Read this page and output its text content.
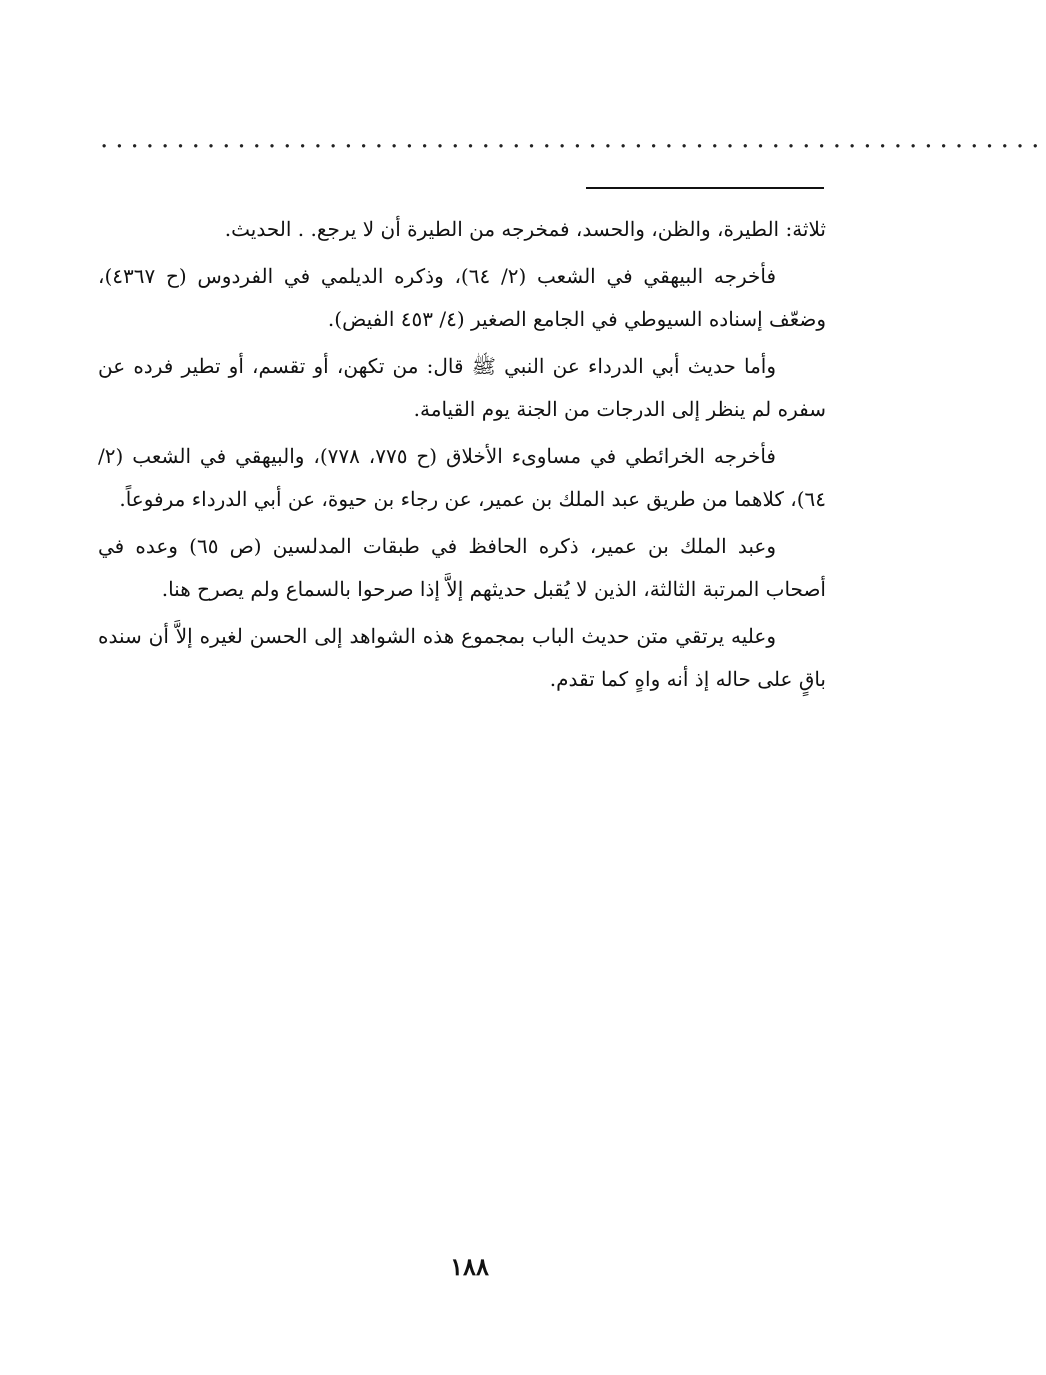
..............................................................

ثلاثة: الطيرة، والظن، والحسد، فمخرجه من الطيرة أن لا يرجع. . الحديث.

فأخرجه البيهقي في الشعب (٢/ ٦٤)، وذكره الديلمي في الفردوس (ح ٤٣٦٧)، وضعّف إسناده السيوطي في الجامع الصغير (٤/ ٤٥٣ الفيض).

وأما حديث أبي الدرداء عن النبي ﷺ قال: من تكهن، أو تقسم، أو تطير فرده عن سفره لم ينظر إلى الدرجات من الجنة يوم القيامة.

فأخرجه الخرائطي في مساوىء الأخلاق (ح ٧٧٥، ٧٧٨)، والبيهقي في الشعب (٢/ ٦٤)، كلاهما من طريق عبد الملك بن عمير، عن رجاء بن حيوة، عن أبي الدرداء مرفوعاً.

وعبد الملك بن عمير، ذكره الحافظ في طبقات المدلسين (ص ٦٥) وعده في أصحاب المرتبة الثالثة، الذين لا يُقبل حديثهم إلاَّ إذا صرحوا بالسماع ولم يصرح هنا.

وعليه يرتقي متن حديث الباب بمجموع هذه الشواهد إلى الحسن لغيره إلاَّ أن سنده باقٍ على حاله إذ أنه واهٍ كما تقدم.

١٨٨
